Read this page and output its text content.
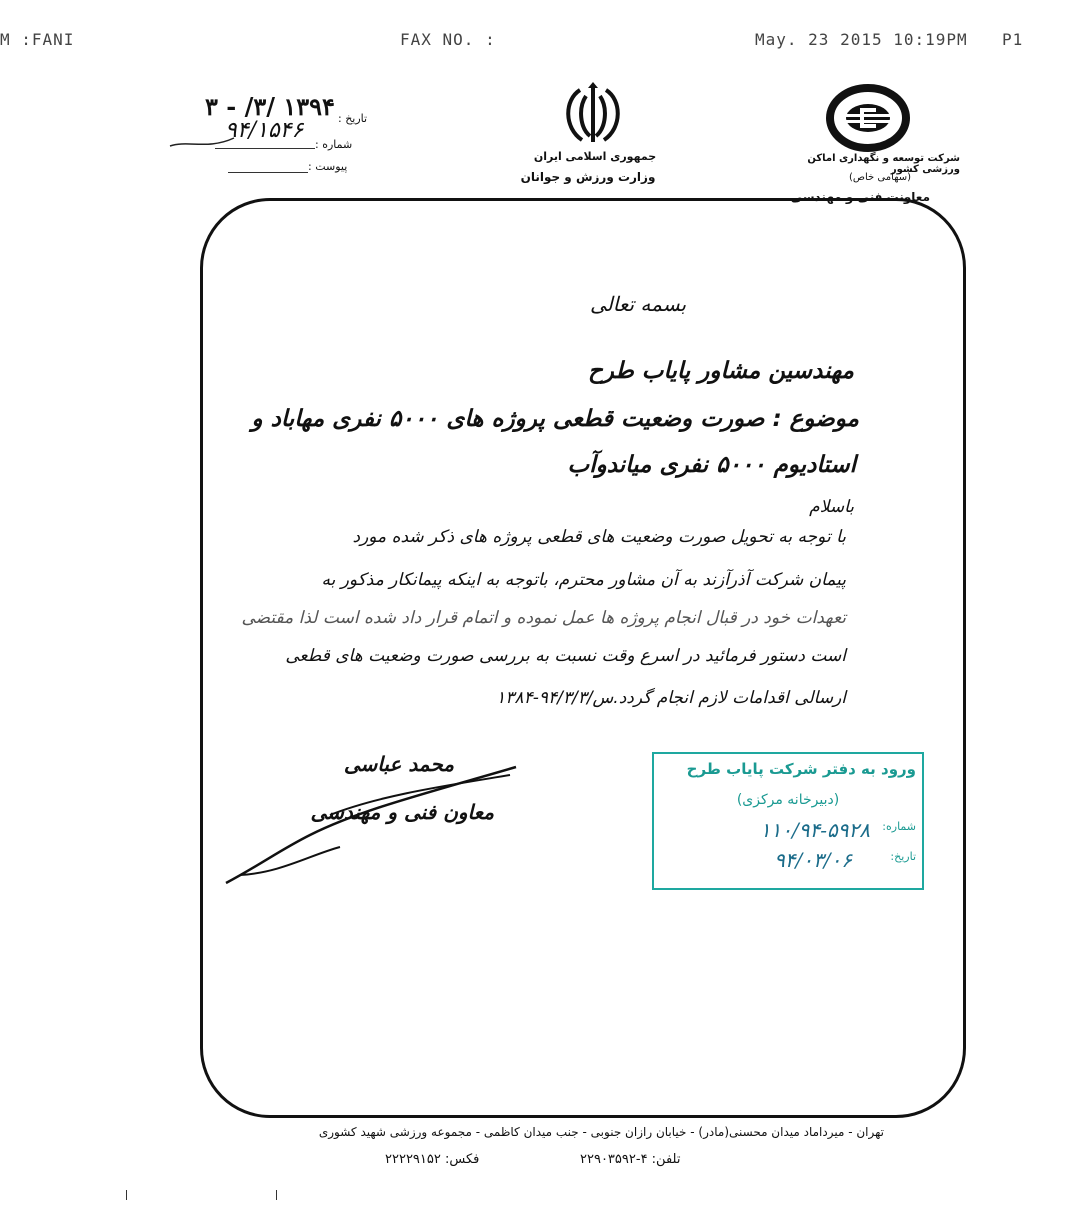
M :FANI	FAX NO. :	May. 23 2015 10:19PM P1
۱۳۹۴ /۳/ - ۳ تاریخ :
۹۴/۱۵۴۶
شماره :
پیوست :
جمهوری اسلامی ایران
وزارت ورزش و جوانان
شرکت توسعه و نگهداری اماکن ورزشی کشور
(سهامی خاص)
معاونت فنی و مهندسی
بسمه تعالی
مهندسین مشاور پایاب طرح
موضوع : صورت وضعیت قطعی پروژه های ۵۰۰۰ نفری مهاباد و
استادیوم ۵۰۰۰ نفری میاندوآب
باسلام
با توجه به تحویل صورت وضعیت های قطعی پروژه های ذکر شده مورد
پیمان شرکت آذرآزند به آن مشاور محترم، باتوجه به اینکه پیمانکار مذکور به
تعهدات خود در قبال انجام پروژه ها عمل نموده و اتمام قرار داد شده است لذا مقتضی
است دستور فرمائید در اسرع وقت نسبت به بررسی صورت وضعیت های قطعی
ارسالی اقدامات لازم انجام گردد.س/۹۴/۳/۳-۱۳۸۴
محمد عباسی
معاون فنی و مهندسی
ورود به دفتر شرکت پایاب طرح
(دبیرخانه مرکزی)
شماره:
تاریخ:
۱۱۰/۹۴-۵۹۲۸
۹۴/۰۳/۰۶
تهران - میرداماد میدان محسنی(مادر) - خیابان رازان جنوبی - جنب میدان کاظمی - مجموعه ورزشی شهید کشوری
تلفن: ۴-۲۲۹۰۳۵۹۲
فکس: ۲۲۲۲۹۱۵۲
